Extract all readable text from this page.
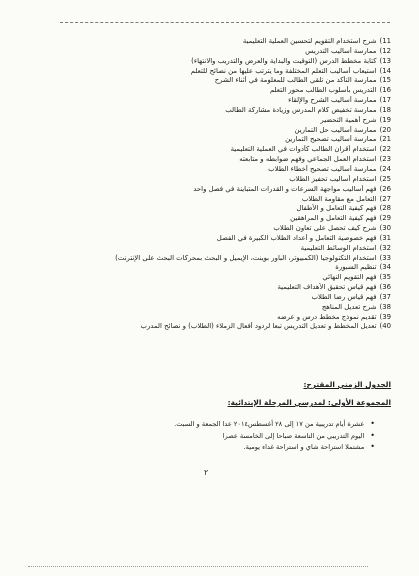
11)شرح استخدام التقويم لتحسين العملية التعليمية
12)ممارسة أساليب التدريس
13)كتابة مخطط الدرس (التوقيت والبداية والعرض والتدريب والانتهاء)
14)استيعاب أساليب التعلم المختلفة وما يترتب عليها من نصائح للتعلم
15)ممارسة التأكد من تلقي الطالب للمعلومة في أثناء الشرح
16)التدريس بأسلوب الطالب محور التعلم
17)ممارسة أساليب الشرح والإلقاء
18)ممارسة تخفيض كلام المدرس وزيادة مشاركة الطالب
19)شرح أهمية التحضير
20)ممارسة أساليب حل التمارين
21)ممارسة أساليب تصحيح التمارين
22)استخدام أقران الطالب كأدوات في العملية التعليمية
23)استخدام العمل الجماعي وفهم ضوابطه و متابعته
24)ممارسة أساليب تصحيح أخطاء الطلاب
25)استخدام أساليب تحفيز الطلاب
26)فهم أساليب مواجهة السرعات و القدرات المتباينة في فصل واحد
27)التعامل مع مقاومة الطلاب
28)فهم كيفية التعامل و الأطفال
29)فهم كيفية التعامل و المراهقين
30)شرح كيف تحصل على تعاون الطلاب
31)فهم خصوصية التعامل و أعداد الطلاب الكبيرة في الفصل
32)استخدام الوسائط التعليمية
33)استخدام التكنولوجيا (الكمبيوتر، الباور بوينت، الإيميل و البحث بمحركات البحث على الإنترنت)
34)تنظيم السبورة
35)فهم التقويم النهائي
36)فهم قياس تحقيق الأهداف التعليمية
37)فهم قياس رضا الطلاب
38)شرح تعديل المناهج
39)تقديم نموذج مخطط درس و عرضه
40)تعديل المخطط و تعديل التدريس تبعا لردود أفعال الزملاء (الطلاب) و نصائح المدرب
الجدول الزمني المقترح:
المجموعة الأولى: لمدرسي المرحلة الإبتدائية:
• عشرة أيام تدريبية من ١٧ إلى ٢٨ أغسطس٢٠١٤ عدا الجمعة و السبت.
• اليوم التدريبي من التاسعة صباحا إلى الخامسة عصرا
• مشتملا استراحة شاي و استراحة غداء يومية.
٢
